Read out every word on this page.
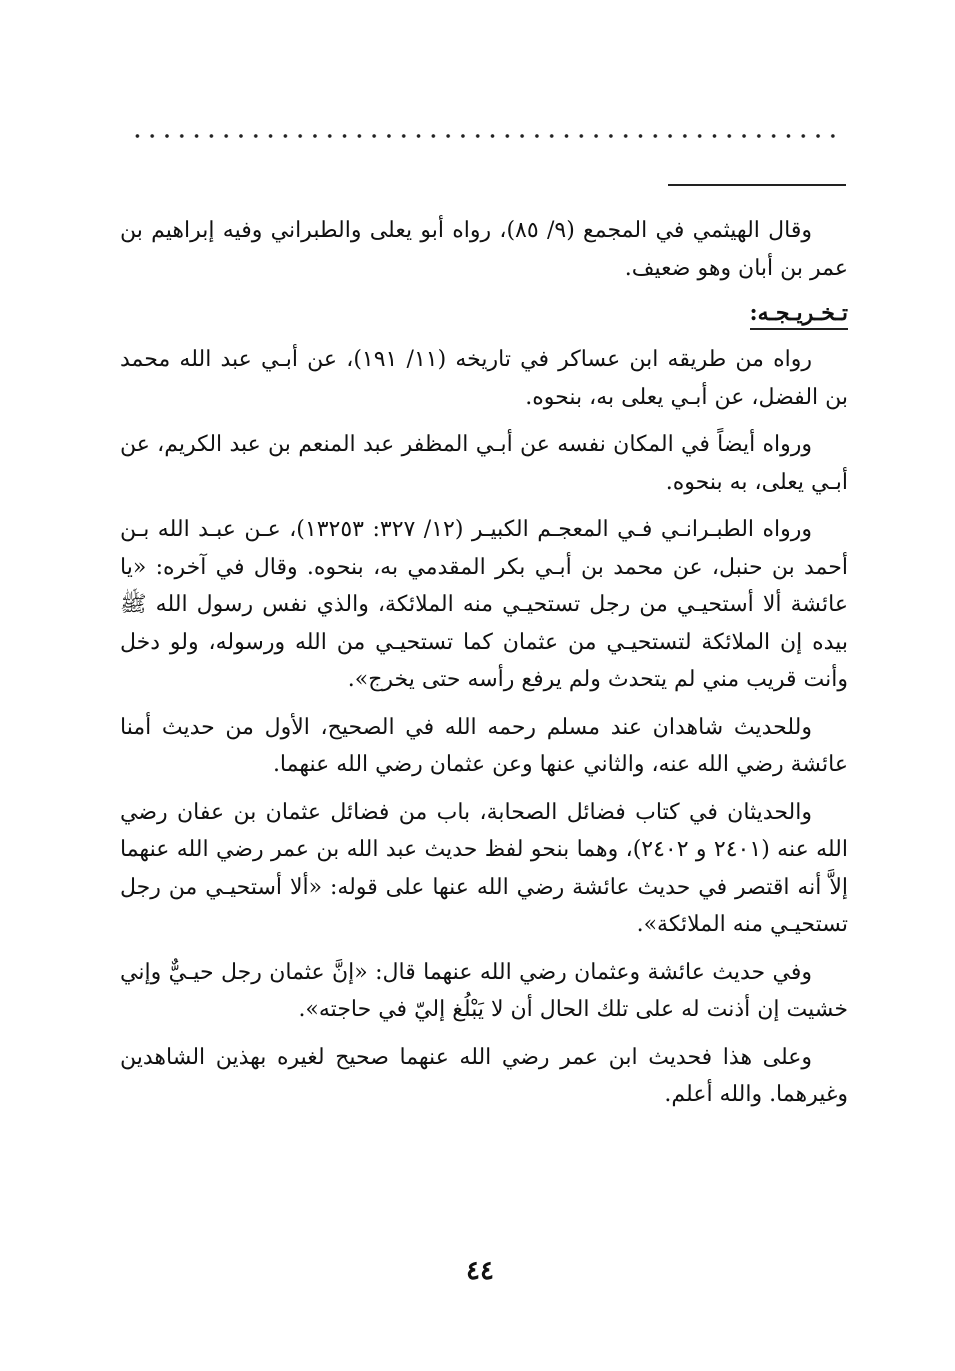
وقال الهيثمي في المجمع (٩/ ٨٥)، رواه أبو يعلى والطبراني وفيه إبراهيم بن عمر بن أبان وهو ضعيف.

تـخـريـجـه:

رواه من طريقه ابن عساكر في تاريخه (١١/ ١٩١)، عن أبـي عبد الله محمد بن الفضل، عن أبـي يعلى به، بنحوه.

ورواه أيضاً في المكان نفسه عن أبـي المظفر عبد المنعم بن عبد الكريم، عن أبـي يعلى، به بنحوه.

ورواه الطبـرانـي فـي المعجـم الكبيـر (١٢/ ٣٢٧: ١٣٢٥٣)، عـن عبـد الله بـن أحمد بن حنبل، عن محمد بن أبـي بكر المقدمي به، بنحوه. وقال في آخره: «يا عائشة ألا أستحيـي من رجل تستحيـي منه الملائكة، والذي نفس رسول الله ﷺ بيده إن الملائكة لتستحيـي من عثمان كما تستحيـي من الله ورسوله، ولو دخل وأنت قريب مني لم يتحدث ولم يرفع رأسه حتى يخرج».

وللحديث شاهدان عند مسلم رحمه الله في الصحيح، الأول من حديث أمنا عائشة رضي الله عنه، والثاني عنها وعن عثمان رضي الله عنهما.

والحديثان في كتاب فضائل الصحابة، باب من فضائل عثمان بن عفان رضي الله عنه (٢٤٠١ و ٢٤٠٢)، وهما بنحو لفظ حديث عبد الله بن عمر رضي الله عنهما إلاَّ أنه اقتصر في حديث عائشة رضي الله عنها على قوله: «ألا أستحيـي من رجل تستحيـي منه الملائكة».

وفي حديث عائشة وعثمان رضي الله عنهما قال: «إنَّ عثمان رجل حيـيٌّ وإني خشيت إن أذنت له على تلك الحال أن لا يَبْلُغ إليّ في حاجته».

وعلى هذا فحديث ابن عمر رضي الله عنهما صحيح لغيره بهذين الشاهدين وغيرهما. والله أعلم.

٤٤
